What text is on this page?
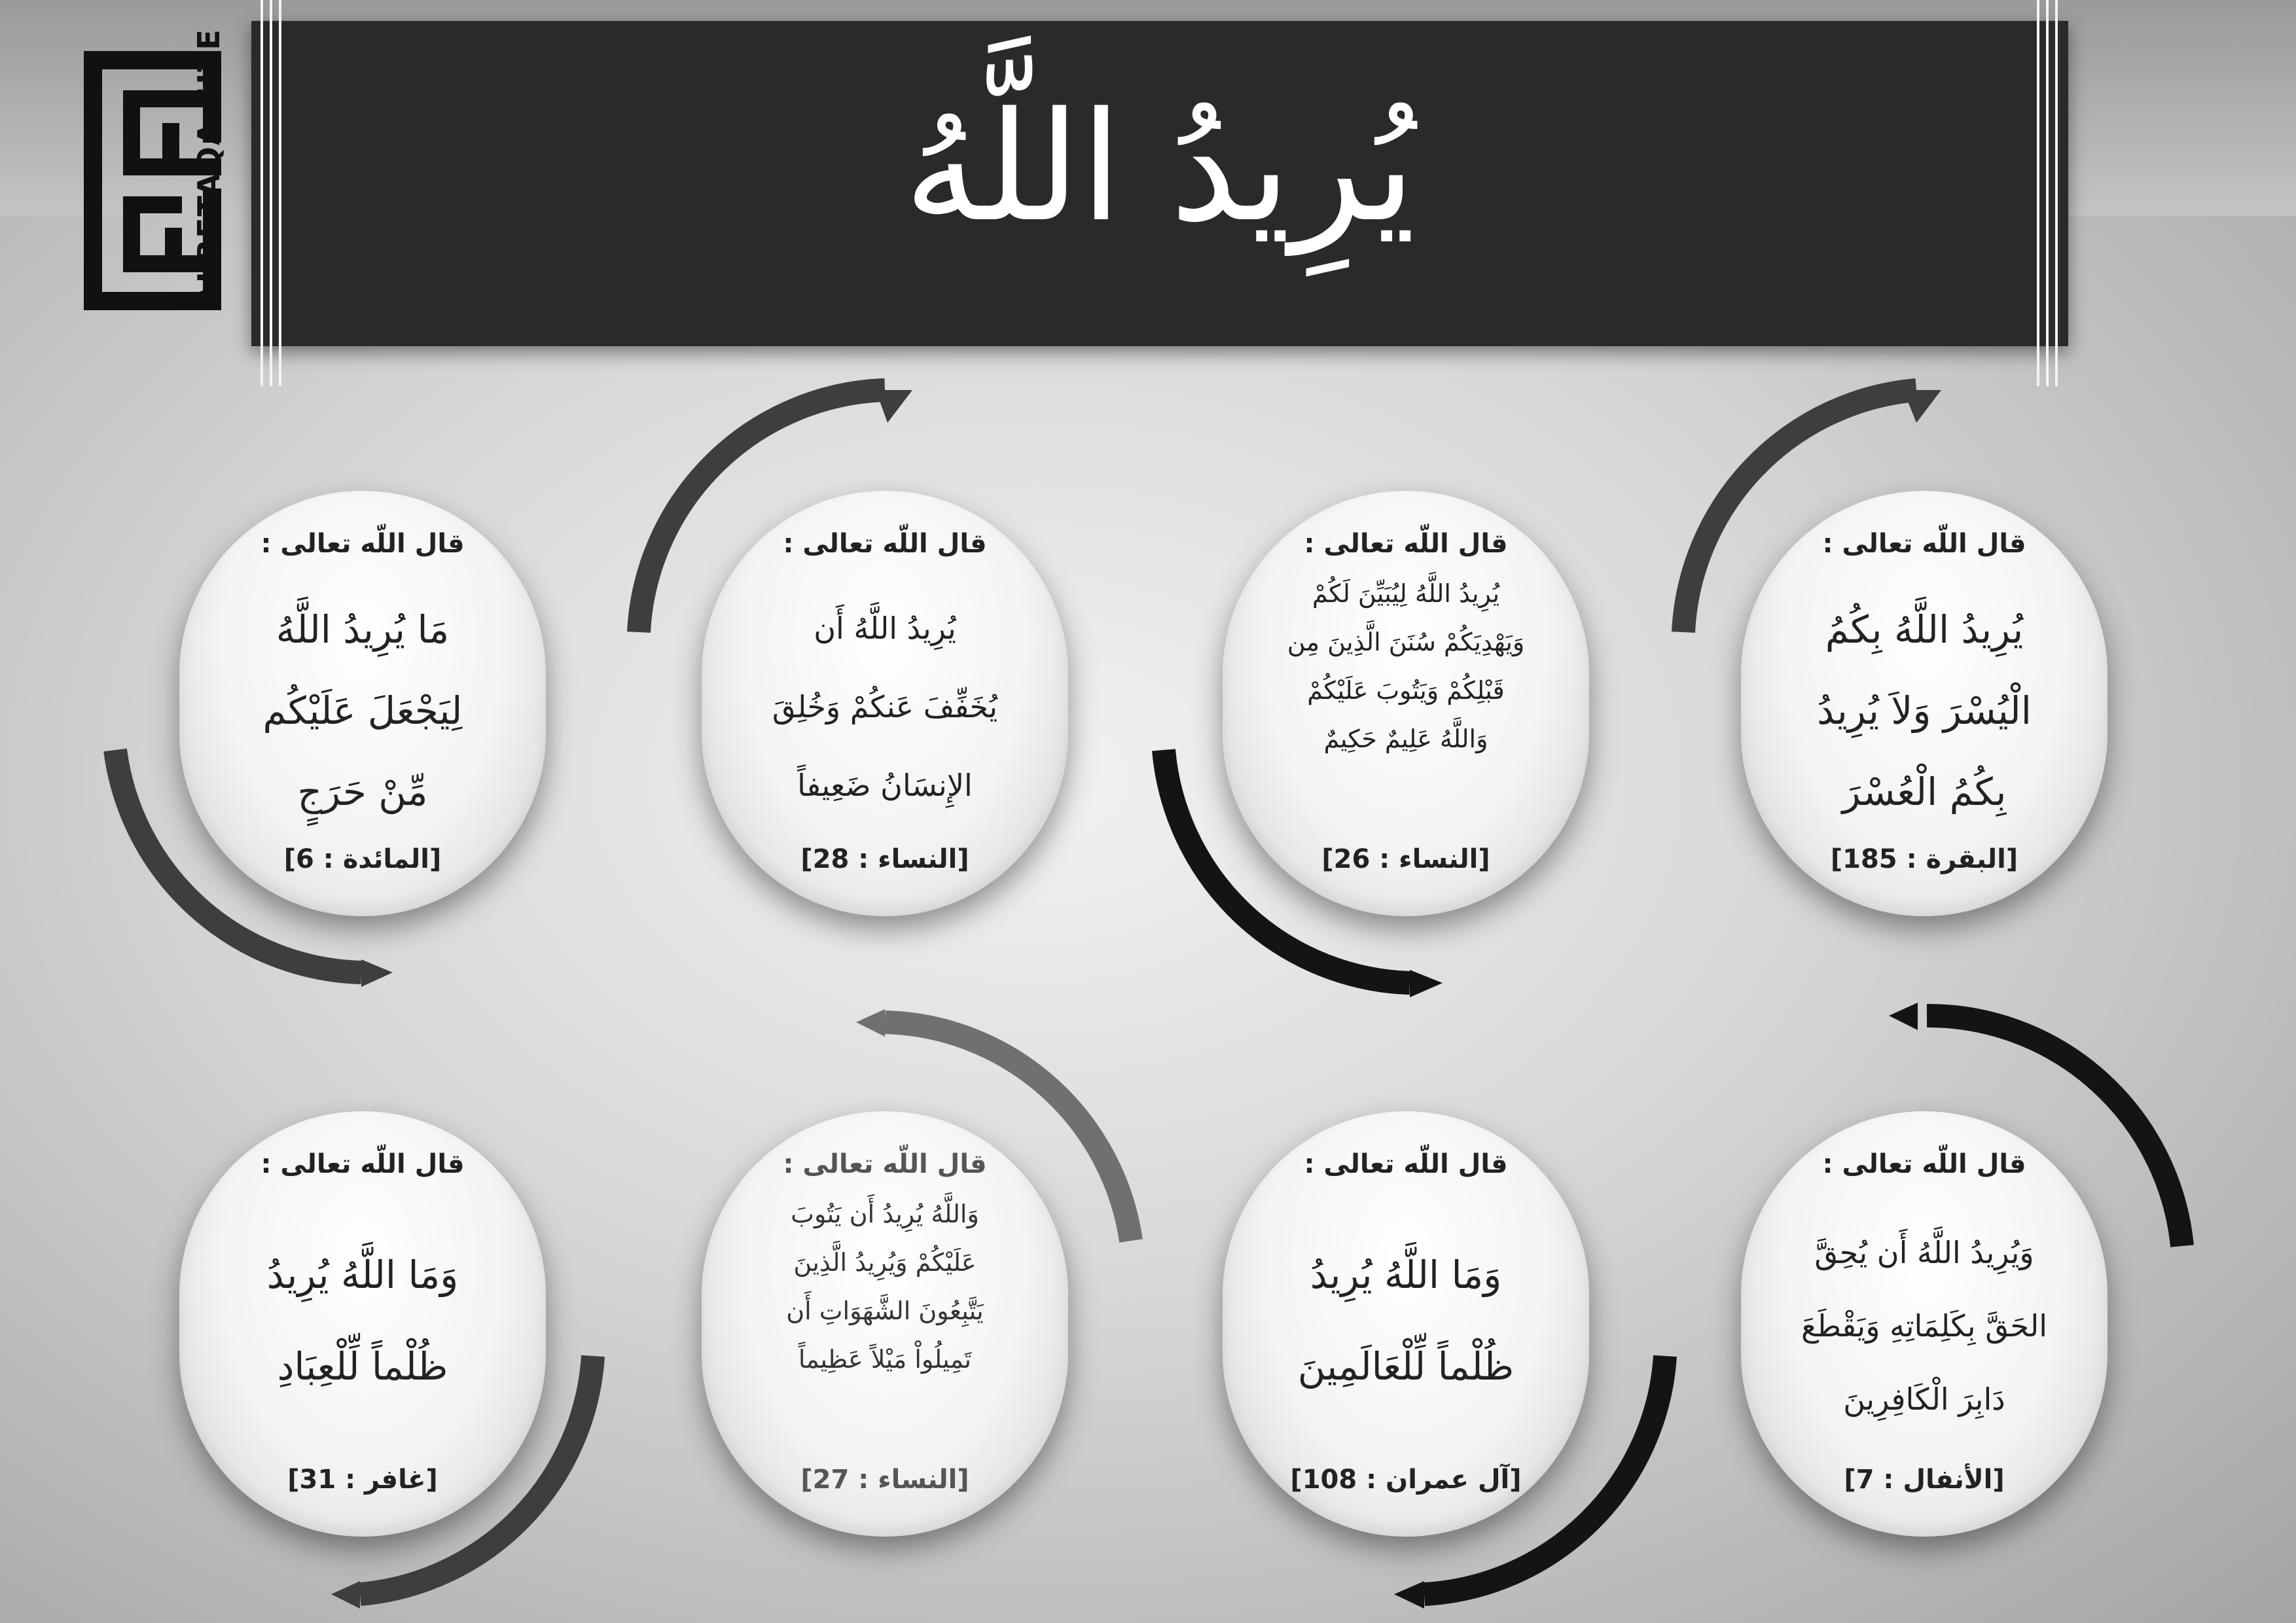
ALBETAQA.SITE	يُرِيدُ اللَّهُ
قال اللّه تعالى :
يُرِيدُ اللَّهُ بِكُمُ
الْيُسْرَ وَلاَ يُرِيدُ
بِكُمُ الْعُسْرَ
[البقرة : 185]
قال اللّه تعالى :
يُرِيدُ اللَّهُ لِيُبَيِّنَ لَكُمْ
وَيَهْدِيَكُمْ سُنَنَ الَّذِينَ مِن
قَبْلِكُمْ وَيَتُوبَ عَلَيْكُمْ
وَاللَّهُ عَلِيمٌ حَكِيمٌ
[النساء : 26]
قال اللّه تعالى :
يُرِيدُ اللَّهُ أَن
يُخَفِّفَ عَنكُمْ وَخُلِقَ
الإِنسَانُ ضَعِيفاً
[النساء : 28]
قال اللّه تعالى :
مَا يُرِيدُ اللَّهُ
لِيَجْعَلَ عَلَيْكُم
مِّنْ حَرَجٍ
[المائدة : 6]
قال اللّه تعالى :
وَيُرِيدُ اللَّهُ أَن يُحِقَّ
الحَقَّ بِكَلِمَاتِهِ وَيَقْطَعَ
دَابِرَ الْكَافِرِينَ
[الأنفال : 7]
قال اللّه تعالى :
وَمَا اللَّهُ يُرِيدُ
ظُلْماً لِّلْعَالَمِينَ
[آل عمران : 108]
قال اللّه تعالى :
وَاللَّهُ يُرِيدُ أَن يَتُوبَ
عَلَيْكُمْ وَيُرِيدُ الَّذِينَ
يَتَّبِعُونَ الشَّهَوَاتِ أَن
تَمِيلُواْ مَيْلاً عَظِيماً
[النساء : 27]
قال اللّه تعالى :
وَمَا اللَّهُ يُرِيدُ
ظُلْماً لِّلْعِبَادِ
[غافر : 31]
